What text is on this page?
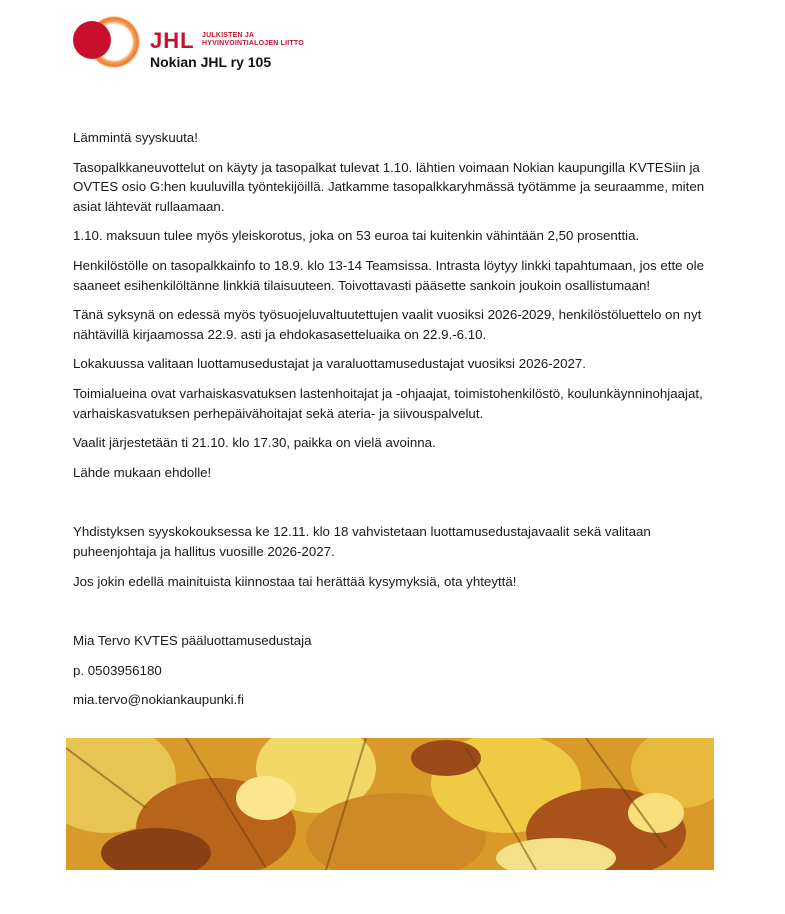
JHL JULKISTEN JA
HYVINVOINTIALOJEN LIITTO
Nokian JHL ry 105

Lämmintä syyskuuta!

Tasopalkkaneuvottelut on käyty ja tasopalkat tulevat 1.10. lähtien voimaan Nokian kaupungilla KVTESiin ja OVTES osio G:hen kuuluvilla työntekijöillä. Jatkamme tasopalkkaryhmässä työtämme ja seuraamme, miten asiat lähtevät rullaamaan.

1.10. maksuun tulee myös yleiskorotus, joka on 53 euroa tai kuitenkin vähintään 2,50 prosenttia.

Henkilöstölle on tasopalkkainfo to 18.9. klo 13-14 Teamsissa. Intrasta löytyy linkki tapahtumaan, jos ette ole saaneet esihenkilöltänne linkkiä tilaisuuteen. Toivottavasti pääsette sankoin joukoin osallistumaan!

Tänä syksynä on edessä myös työsuojeluvaltuutettujen vaalit vuosiksi 2026-2029, henkilöstöluettelo on nyt nähtävillä kirjaamossa 22.9. asti ja ehdokasasetteluaika on 22.9.-6.10.

Lokakuussa valitaan luottamusedustajat ja varaluottamusedustajat vuosiksi 2026-2027.

Toimialueina ovat varhaiskasvatuksen lastenhoitajat ja -ohjaajat, toimistohenkilöstö, koulunkäynninohjaajat, varhaiskasvatuksen perhepäivähoitajat sekä ateria- ja siivouspalvelut.

Vaalit järjestetään ti 21.10. klo 17.30, paikka on vielä avoinna.

Lähde mukaan ehdolle!

Yhdistyksen syyskokouksessa ke 12.11. klo 18 vahvistetaan luottamusedustajavaalit sekä valitaan puheenjohtaja ja hallitus vuosille 2026-2027.

Jos jokin edellä mainituista kiinnostaa tai herättää kysymyksiä, ota yhteyttä!

Mia Tervo KVTES pääluottamusedustaja

p. 0503956180

mia.tervo@nokiankaupunki.fi
